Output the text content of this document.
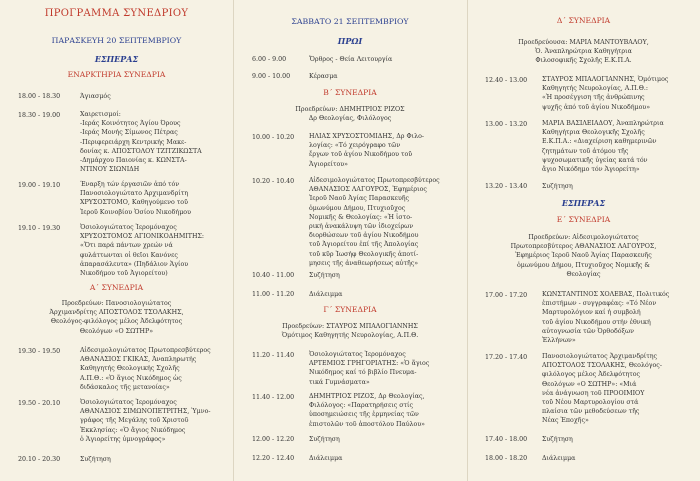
ΠΡΟΓΡΑΜΜΑ ΣΥΝΕΔΡΙΟΥ
ΠΑΡΑΣΚΕΥΗ 20 ΣΕΠΤΕΜΒΡΙΟΥ
ΕΣΠΕΡΑΣ
ΕΝΑΡΚΤΗΡΙΑ ΣΥΝΕΔΡΙΑ
18.00 - 18.30	Άγιασμός
18.30 - 19.00	Χαιρετισμοί:
-Ιεράς Κοινότητος Άγίου Όρους
-Ιεράς Μονής Σίμωνος Πέτρας
-Περιφερειάρχη Κεντρικής Μακε-
δονίας κ. ΑΠΟΣΤΟΛΟΥ ΤΖΙΤΖΙΚΩΣΤΑ
-Δημάρχου Παιονίας κ. ΚΩΝΣΤΑ-
ΝΤΙΝΟΥ ΣΙΩΝΙΔΗ
19.00 - 19.10	Έναρξη τών έργασιῶν ἀπό τόν
Πανοσιολογιώτατο Άρχιμανδρίτη
ΧΡΥΣΟΣΤΟΜΟ, Καθηγούμενο τοῦ
Ἱεροῦ Κοινοβίου Ὁσίου Νικοδήμου
19.10 - 19.30	Ὁσιολογιώτατος Ἱερομόναχος
ΧΡΥΣΟΣΤΟΜΟΣ ΑΓΙΟΝΙΚΟΔΗΜΙΤΗΣ:
«Ὅτι παρά πάντων χρεών νά
φυλάττωνται οἱ θεῖοι Κανόνες
ἀπαρασάλευτα» (Πηδάλιον Ἁγίου
Νικοδήμου τοῦ Ἁγιορείτου)
Α΄ ΣΥΝΕΔΡΙΑ
Προεδρεύων: Πανοσιολογιώτατος
Άρχιμανδρίτης ΑΠΟΣΤΟΛΟΣ ΤΣΟΛΑΚΗΣ,
Θεολόγος-φιλόλογος μέλος Ἀδελφότητος
Θεολόγων «Ο ΣΩΤΗΡ»
19.30 - 19.50	Αἰδεσιμολογιώτατος Πρωτοπρεσβύτερος
ΑΘΑΝΑΣΙΟΣ ΓΚΙΚΑΣ, Άναπληρωτής
Καθηγητής Θεολογικής Σχολῆς
Α.Π.Θ.: «Ὁ ἅγιος Νικόδημος ὡς
διδάσκαλος τῆς μετανοίας»
19.50 - 20.10	Ὁσιολογιώτατος Ἱερομόναχος
ΑΘΑΝΑΣΙΟΣ ΣΙΜΩΝΟΠΕΤΡΙΤΗΣ, Ὑμνο-
γράφος τῆς Μεγάλης τοῦ Χριστοῦ
Ἐκκλησίας: «Ὁ ἅγιος Νικόδημος
ὁ Ἁγιορείτης ὑμνογράφος»
20.10 - 20.30	Συζήτηση
ΣΑΒΒΑΤΟ 21 ΣΕΠΤΕΜΒΡΙΟΥ
ΠΡΩΙ
6.00 - 9.00	Ὄρθρος - Θεία Λειτουργία
9.00 - 10.00	Κέρασμα
Β΄ ΣΥΝΕΔΡΙΑ
Προεδρεύων: ΔΗΜΗΤΡΙΟΣ ΡΙΖΟΣ
Δρ Θεολογίας, Φιλόλογος
10.00 - 10.20 ΗΛΙΑΣ ΧΡΥΣΟΣΤΟΜΙΔΗΣ, Δρ Φιλο-
λογίας: «Τό χειρόγραφο τῶν
ἔργων τοῦ ἁγίου Νικοδήμου τοῦ
Ἁγιορείτου»
10.20 - 10.40 Αἰδεσιμολογιώτατος Πρωτοπρεσβύτερος
ΑΘΑΝΑΣΙΟΣ ΛΑΓΟΥΡΟΣ, Ἐφημέριος
Ἱεροῦ Ναοῦ Ἁγίας Παρασκευῆς
ὁμωνύμου Δήμου, Πτυχιοῦχος
Νομικῆς & Θεολογίας: «Ἡ ἱστο-
ρική ἀνακάλυψη τῶν ἰδιοχείρων
διορθώσεων τοῦ ἁγίου Νικοδήμου
τοῦ Ἁγιορείτου ἐπί τῆς Ἀπολογίας
τοῦ κῦρ Ἰωσήφ Θεολογικῆς ἀποτί-
μησεις τῆς ἀναθεωρήσεως αὐτῆς»
10.40 - 11.00 Συζήτηση
11.00 - 11.20 Διάλειμμα
Γ΄ ΣΥΝΕΔΡΙΑ
Προεδρεύων: ΣΤΑΥΡΟΣ ΜΠΑΛΟΓΙΑΝΝΗΣ
Ὁμότιμος Καθηγητής Νευρολογίας, Α.Π.Θ.
11.20 - 11.40 Ὁσιολογιώτατος Ἱερομόναχος
ΑΡΤΕΜΙΟΣ ΓΡΗΓΟΡΙΑΤΗΣ: «Ὁ ἅγιος
Νικόδημος καί τό βιβλίο Πνευμα-
τικά Γυμνάσματα»
11.40 - 12.00 ΔΗΜΗΤΡΙΟΣ ΡΙΖΟΣ, Δρ Θεολογίας,
Φιλόλογος: «Παρατηρήσεις στίς
ὑποσημειώσεις τῆς ἑρμηνείας τῶν
ἐπιστολῶν τοῦ ἀποστόλου Παύλου»
12.00 - 12.20 Συζήτηση
12.20 - 12.40 Διάλειμμα
Δ΄ ΣΥΝΕΔΡΙΑ
Προεδρεύουσα: ΜΑΡΙΑ ΜΑΝΤΟΥΒΑΛΟΥ,
Ὁ. Ἀναπληρώτρια Καθηγήτρια
Φιλοσοφικῆς Σχολῆς Ε.Κ.Π.Α.
12.40 - 13.00 ΣΤΑΥΡΟΣ ΜΠΑΛΟΓΙΑΝΝΗΣ, Ὁμότιμος
Καθηγητής Νευρολογίας, Α.Π.Θ.:
«Ἡ προσέγγιση τῆς ἀνθρώπινης
ψυχῆς ἀπό τοῦ ἁγίου Νικοδήμου»
13.00 - 13.20 ΜΑΡΙΑ ΒΑΣΙΛΕΙΑΔΟΥ, Ἀναπληρώτρια
Καθηγήτρια Θεολογικῆς Σχολῆς
Ε.Κ.Π.Α.: «Διαχείριση καθημερινῶν
ζητημάτων τοῦ ἀτόμου τῆς
ψυχοσωματικῆς ὑγείας κατά τόν
ἅγιο Νικόδημο τόν Ἁγιορείτη»
13.20 - 13.40 Συζήτηση
ΕΣΠΕΡΑΣ
Ε΄ ΣΥΝΕΔΡΙΑ
Προεδρεύων: Αἰδεσιμολογιώτατος
Πρωτοπρεσβύτερος ΑΘΑΝΑΣΙΟΣ ΛΑΓΟΥΡΟΣ,
Ἐφημέριος Ἱεροῦ Ναοῦ Ἁγίας Παρασκευῆς
ὁμωνύμου Δήμου, Πτυχιοῦχος Νομικῆς &
Θεολογίας
17.00 - 17.20 ΚΩΝΣΤΑΝΤΙΝΟΣ ΧΟΛΕΒΑΣ, Πολιτικός
ἐπιστήμων - συγγραφέας: «Τό Νέον
Μαρτυρολόγιον καί ἡ συμβολή
τοῦ ἁγίου Νικοδήμου στήν ἐθνική
αὐτογνωσία τῶν Ὀρθοδόξων
Ἑλλήνων»
17.20 - 17.40 Πανοσιολογιώτατος Ἀρχιμανδρίτης
ΑΠΟΣΤΟΛΟΣ ΤΣΟΛΑΚΗΣ, Θεολόγος-
φιλόλογος μέλος Ἀδελφότητος
Θεολόγων «Ο ΣΩΤΗΡ»: «Μιά
νέα ἀνάγνωση τοῦ ΠΡΟΟΙΜΙΟΥ
τοῦ Νέου Μαρτυρολογίου στά
πλαίσια τῶν μεθοδεύσεων τῆς
Νέας Ἐποχῆς»
17.40 - 18.00 Συζήτηση
18.00 - 18.20 Διάλειμμα
